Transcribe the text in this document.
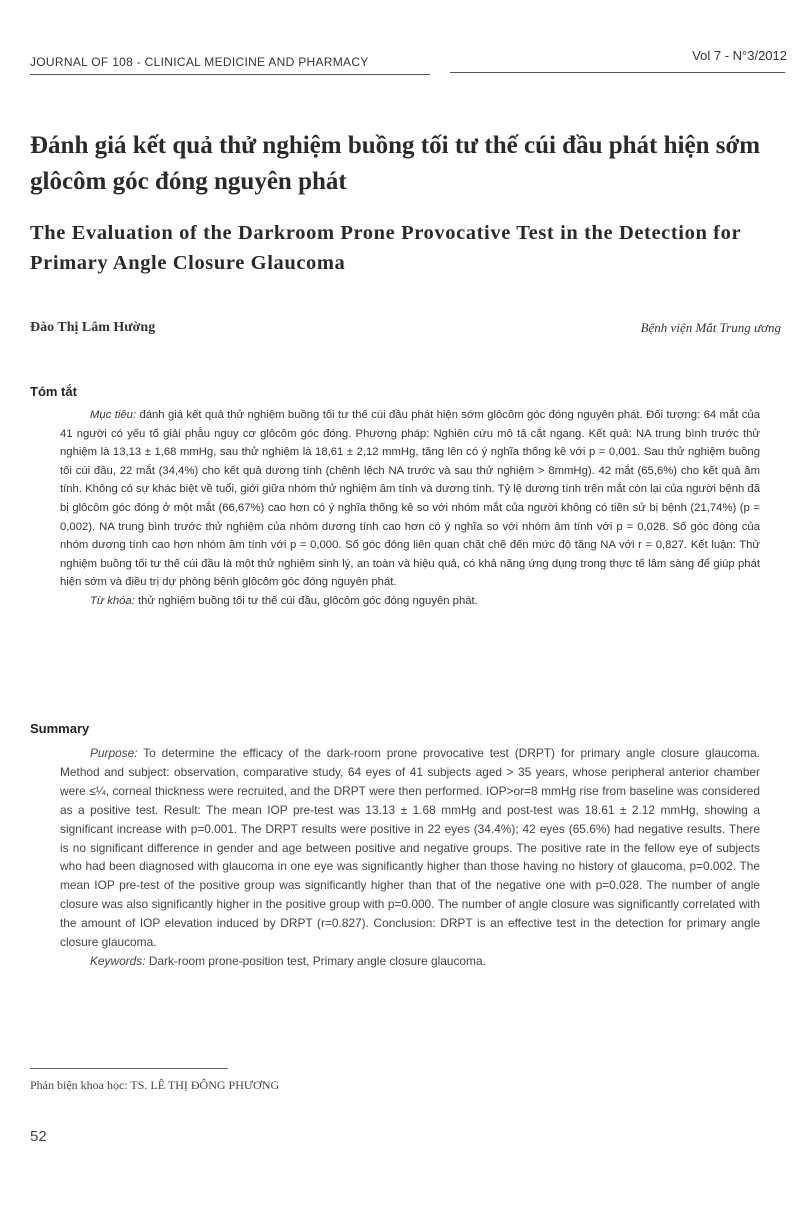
JOURNAL OF 108 - CLINICAL MEDICINE AND PHARMACY	Vol 7 - N°3/2012
Đánh giá kết quả thử nghiệm buồng tối tư thế cúi đầu phát hiện sớm glôcôm góc đóng nguyên phát
The Evaluation of the Darkroom Prone Provocative Test in the Detection for Primary Angle Closure Glaucoma
Đào Thị Lâm Hường	Bệnh viện Mắt Trung ương
Tóm tắt

Mục tiêu: đánh giá kết quả thử nghiệm buồng tối tư thế cúi đầu phát hiện sớm glôcôm góc đóng nguyên phát. Đối tượng: 64 mắt của 41 người có yếu tố giải phẫu nguy cơ glôcôm góc đóng. Phương pháp: Nghiên cứu mô tả cắt ngang. Kết quả: NA trung bình trước thử nghiệm là 13,13 ± 1,68 mmHg, sau thử nghiệm là 18,61 ± 2,12 mmHg, tăng lên có ý nghĩa thống kê với p = 0,001. Sau thử nghiệm buồng tối cúi đầu, 22 mắt (34,4%) cho kết quả dương tính (chênh lệch NA trước và sau thử nghiệm > 8mmHg). 42 mắt (65,6%) cho kết quả âm tính. Không có sự khác biệt về tuổi, giới giữa nhóm thử nghiệm âm tính và dương tính. Tỷ lệ dương tính trên mắt còn lại của người bệnh đã bị glôcôm góc đóng ở một mắt (66,67%) cao hơn có ý nghĩa thống kê so với nhóm mắt của người không có tiền sử bị bệnh (21,74%) (p = 0,002). NA trung bình trước thử nghiệm của nhóm dương tính cao hơn có ý nghĩa so với nhóm âm tính với p = 0,028. Số góc đóng của nhóm dương tính cao hơn nhóm âm tính với p = 0,000. Số góc đóng liên quan chặt chẽ đến mức độ tăng NA với r = 0,827. Kết luận: Thử nghiệm buồng tối tư thế cúi đầu là một thử nghiệm sinh lý, an toàn và hiệu quả, có khả năng ứng dụng trong thực tế lâm sàng để giúp phát hiện sớm và điều trị dự phòng bệnh glôcôm góc đóng nguyên phát.

Từ khóa: thử nghiệm buồng tối tư thế cúi đầu, glôcôm góc đóng nguyên phát.

Summary

Purpose: To determine the efficacy of the dark-room prone provocative test (DRPT) for primary angle closure glaucoma. Method and subject: observation, comparative study, 64 eyes of 41 subjects aged > 35 years, whose peripheral anterior chamber were ≤¼, corneal thickness were recruited, and the DRPT were then performed. IOP>or=8 mmHg rise from baseline was considered as a positive test. Result: The mean IOP pre-test was 13.13 ± 1.68 mmHg and post-test was 18.61 ± 2.12 mmHg, showing a significant increase with p=0.001. The DRPT results were positive in 22 eyes (34.4%); 42 eyes (65.6%) had negative results. There is no significant difference in gender and age between positive and negative groups. The positive rate in the fellow eye of subjects who had been diagnosed with glaucoma in one eye was significantly higher than those having no history of glaucoma, p=0.002. The mean IOP pre-test of the positive group was significantly higher than that of the negative one with p=0.028. The number of angle closure was also significantly higher in the positive group with p=0.000. The number of angle closure was significantly correlated with the amount of IOP elevation induced by DRPT (r=0.827). Conclusion: DRPT is an effective test in the detection for primary angle closure glaucoma.

Keywords: Dark-room prone-position test, Primary angle closure glaucoma.

Phản biện khoa học: TS. LÊ THỊ ĐÔNG PHƯƠNG
52
